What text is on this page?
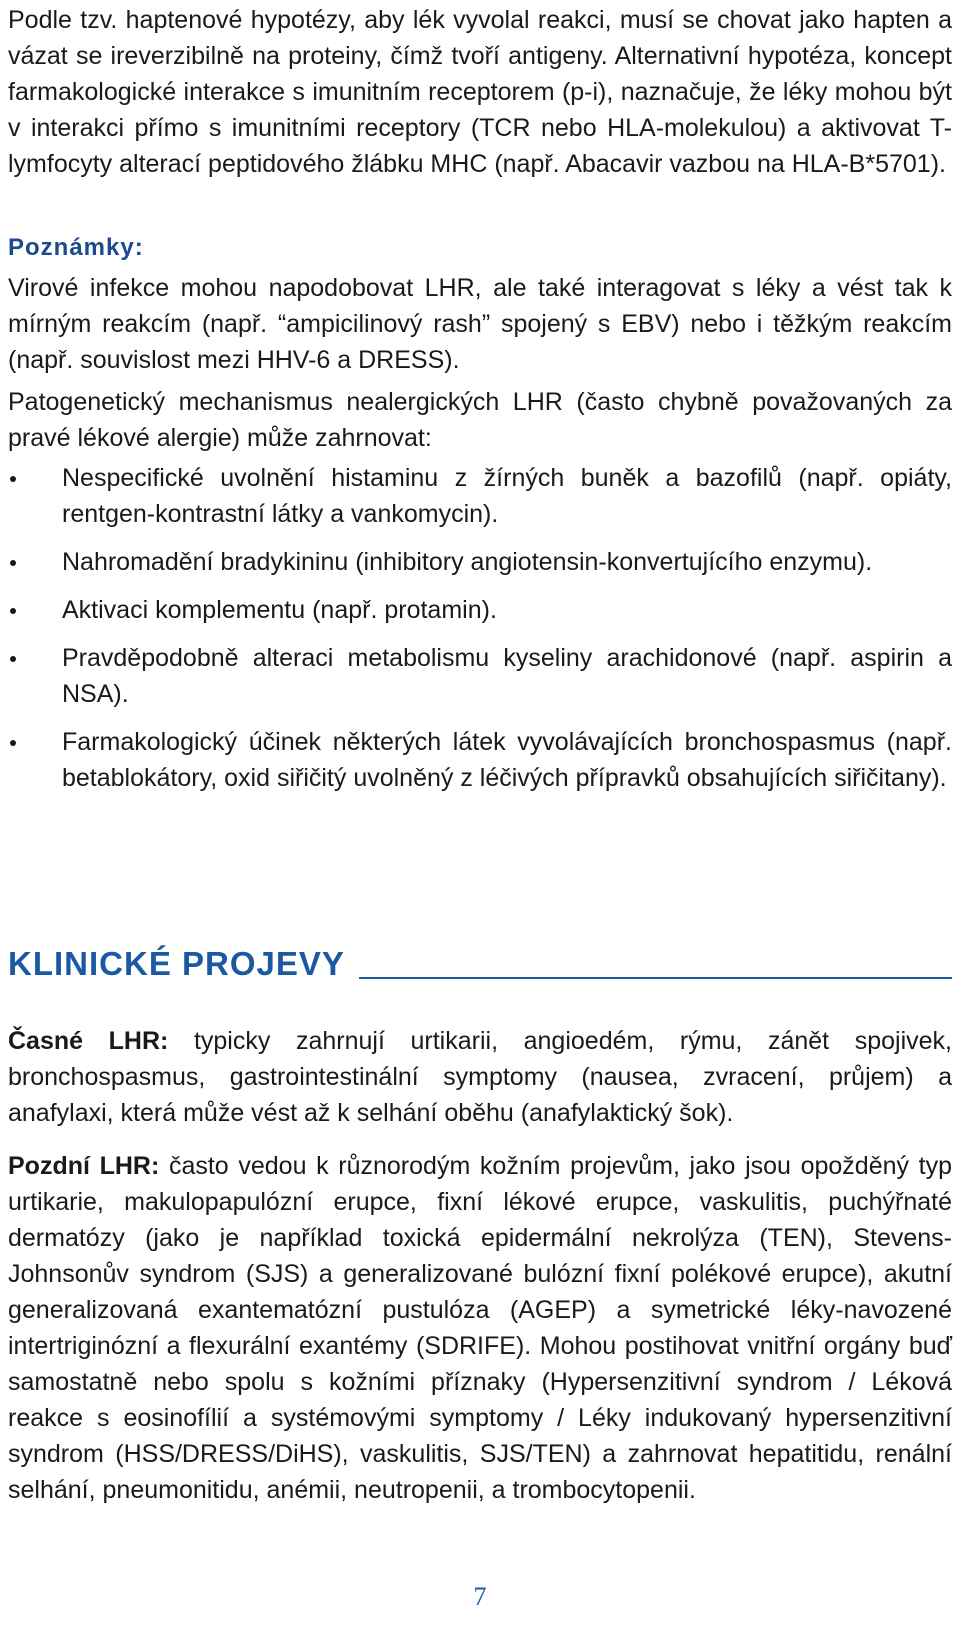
Podle tzv. haptenové hypotézy, aby lék vyvolal reakci, musí se chovat jako hapten a vázat se ireverzibilně na proteiny, čímž tvoří antigeny. Alternativní hypotéza, koncept farmakologické interakce s imunitním receptorem (p-i), naznačuje, že léky mohou být v interakci přímo s imunitními receptory (TCR nebo HLA-molekulou) a aktivovat T-lymfocyty alterací peptidového žlábku MHC (např. Abacavir vazbou na HLA-B*5701).

Poznámky:

Virové infekce mohou napodobovat LHR, ale také interagovat s léky a vést tak k mírným reakcím (např. “ampicilinový rash” spojený s EBV) nebo i těžkým reakcím (např. souvislost mezi HHV-6 a DRESS).

Patogenetický mechanismus nealergických LHR (často chybně považovaných za pravé lékové alergie) může zahrnovat:

Nespecifické uvolnění histaminu z žírných buněk a bazofilů (např. opiáty, rentgen-kontrastní látky a vankomycin).
Nahromadění bradykininu (inhibitory angiotensin-konvertujícího enzymu).
Aktivaci komplementu (např. protamin).
Pravděpodobně alteraci metabolismu kyseliny arachidonové (např. aspirin a NSA).
Farmakologický účinek některých látek vyvolávajících bronchospasmus (např. betablokátory, oxid siřičitý uvolněný z léčivých přípravků obsahujících siřičitany).
KLINICKÉ PROJEVY

Časné LHR: typicky zahrnují urtikarii, angioedém, rýmu, zánět spojivek, bronchospasmus, gastrointestinální symptomy (nausea, zvracení, průjem) a anafylaxi, která může vést až k selhání oběhu (anafylaktický šok).

Pozdní LHR: často vedou k různorodým kožním projevům, jako jsou opožděný typ urtikarie, makulopapulózní erupce, fixní lékové erupce, vaskulitis, puchýřnaté dermatózy (jako je například toxická epidermální nekrolýza (TEN), Stevens-Johnsonův syndrom (SJS) a generalizované bulózní fixní polékové erupce), akutní generalizovaná exantematózní pustulóza (AGEP) a symetrické léky-navozené intertriginózní a flexurální exantémy (SDRIFE). Mohou postihovat vnitřní orgány buď samostatně nebo spolu s kožními příznaky (Hypersenzitivní syndrom / Léková reakce s eosinofílií a systémovými symptomy / Léky indukovaný hypersenzitivní syndrom (HSS/DRESS/DiHS), vaskulitis, SJS/TEN) a zahrnovat hepatitidu, renální selhání, pneumonitidu, anémii, neutropenii, a trombocytopenii.

7
